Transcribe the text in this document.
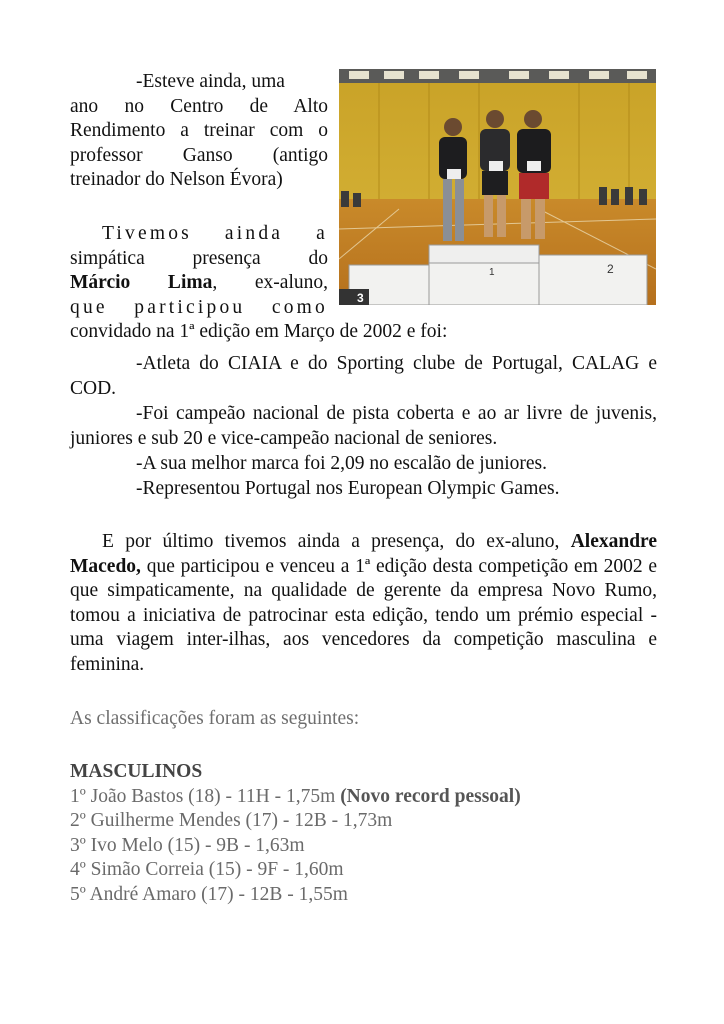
1	2
3
-Esteve ainda, uma
ano no Centro de Alto
Rendimento a treinar com o
professor Ganso (antigo
treinador do Nelson Évora)
Tivemos ainda a
simpática presença do
Márcio Lima, ex-aluno,
que participou como
convidado na 1ª edição em Março de 2002 e foi:
-Atleta do CIAIA e do Sporting clube de Portugal, CALAG e COD.
-Foi campeão nacional de pista coberta e ao ar livre de juvenis, juniores e sub 20 e vice-campeão nacional de seniores.
-A sua melhor marca foi 2,09 no escalão de juniores.
-Representou Portugal nos European Olympic Games.
E por último tivemos ainda a presença, do ex-aluno, Alexandre Macedo, que participou e venceu a 1ª edição desta competição em 2002 e que simpaticamente, na qualidade de gerente da empresa Novo Rumo, tomou a iniciativa de patrocinar esta edição, tendo um prémio especial - uma viagem inter-ilhas, aos vencedores da competição masculina e feminina.
As classificações foram as seguintes:
MASCULINOS
1º João Bastos (18) - 11H - 1,75m (Novo record pessoal)
2º Guilherme Mendes (17) - 12B - 1,73m
3º Ivo Melo (15) - 9B - 1,63m
4º Simão Correia (15) - 9F - 1,60m
5º André Amaro (17) - 12B - 1,55m
